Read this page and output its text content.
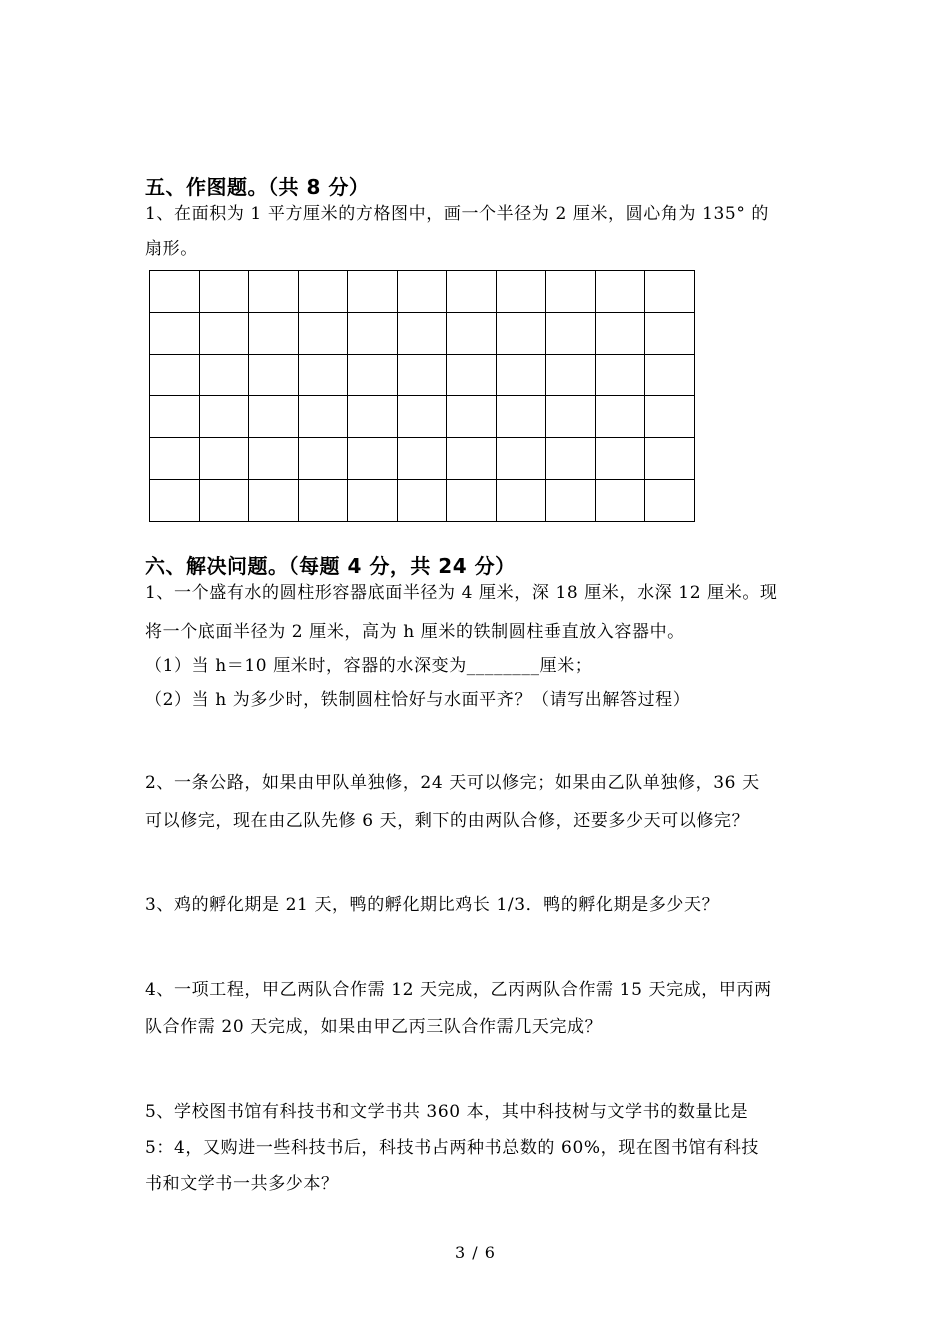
五、作图题。（共 8 分）
1、在面积为 1 平方厘米的方格图中，画一个半径为 2 厘米，圆心角为 135° 的
扇形。

六、解决问题。（每题 4 分，共 24 分）
1、一个盛有水的圆柱形容器底面半径为 4 厘米，深 18 厘米，水深 12 厘米。现
将一个底面半径为 2 厘米，高为 h 厘米的铁制圆柱垂直放入容器中。
（1）当 h＝10 厘米时，容器的水深变为________厘米；
（2）当 h 为多少时，铁制圆柱恰好与水面平齐？（请写出解答过程）
2、一条公路，如果由甲队单独修，24 天可以修完；如果由乙队单独修，36 天
可以修完，现在由乙队先修 6 天，剩下的由两队合修，还要多少天可以修完？
3、鸡的孵化期是 21 天，鸭的孵化期比鸡长 1/3．鸭的孵化期是多少天？
4、一项工程，甲乙两队合作需 12 天完成，乙丙两队合作需 15 天完成，甲丙两
队合作需 20 天完成，如果由甲乙丙三队合作需几天完成？
5、学校图书馆有科技书和文学书共 360 本，其中科技树与文学书的数量比是
5：4，又购进一些科技书后，科技书占两种书总数的 60%，现在图书馆有科技
书和文学书一共多少本？
3 / 6
